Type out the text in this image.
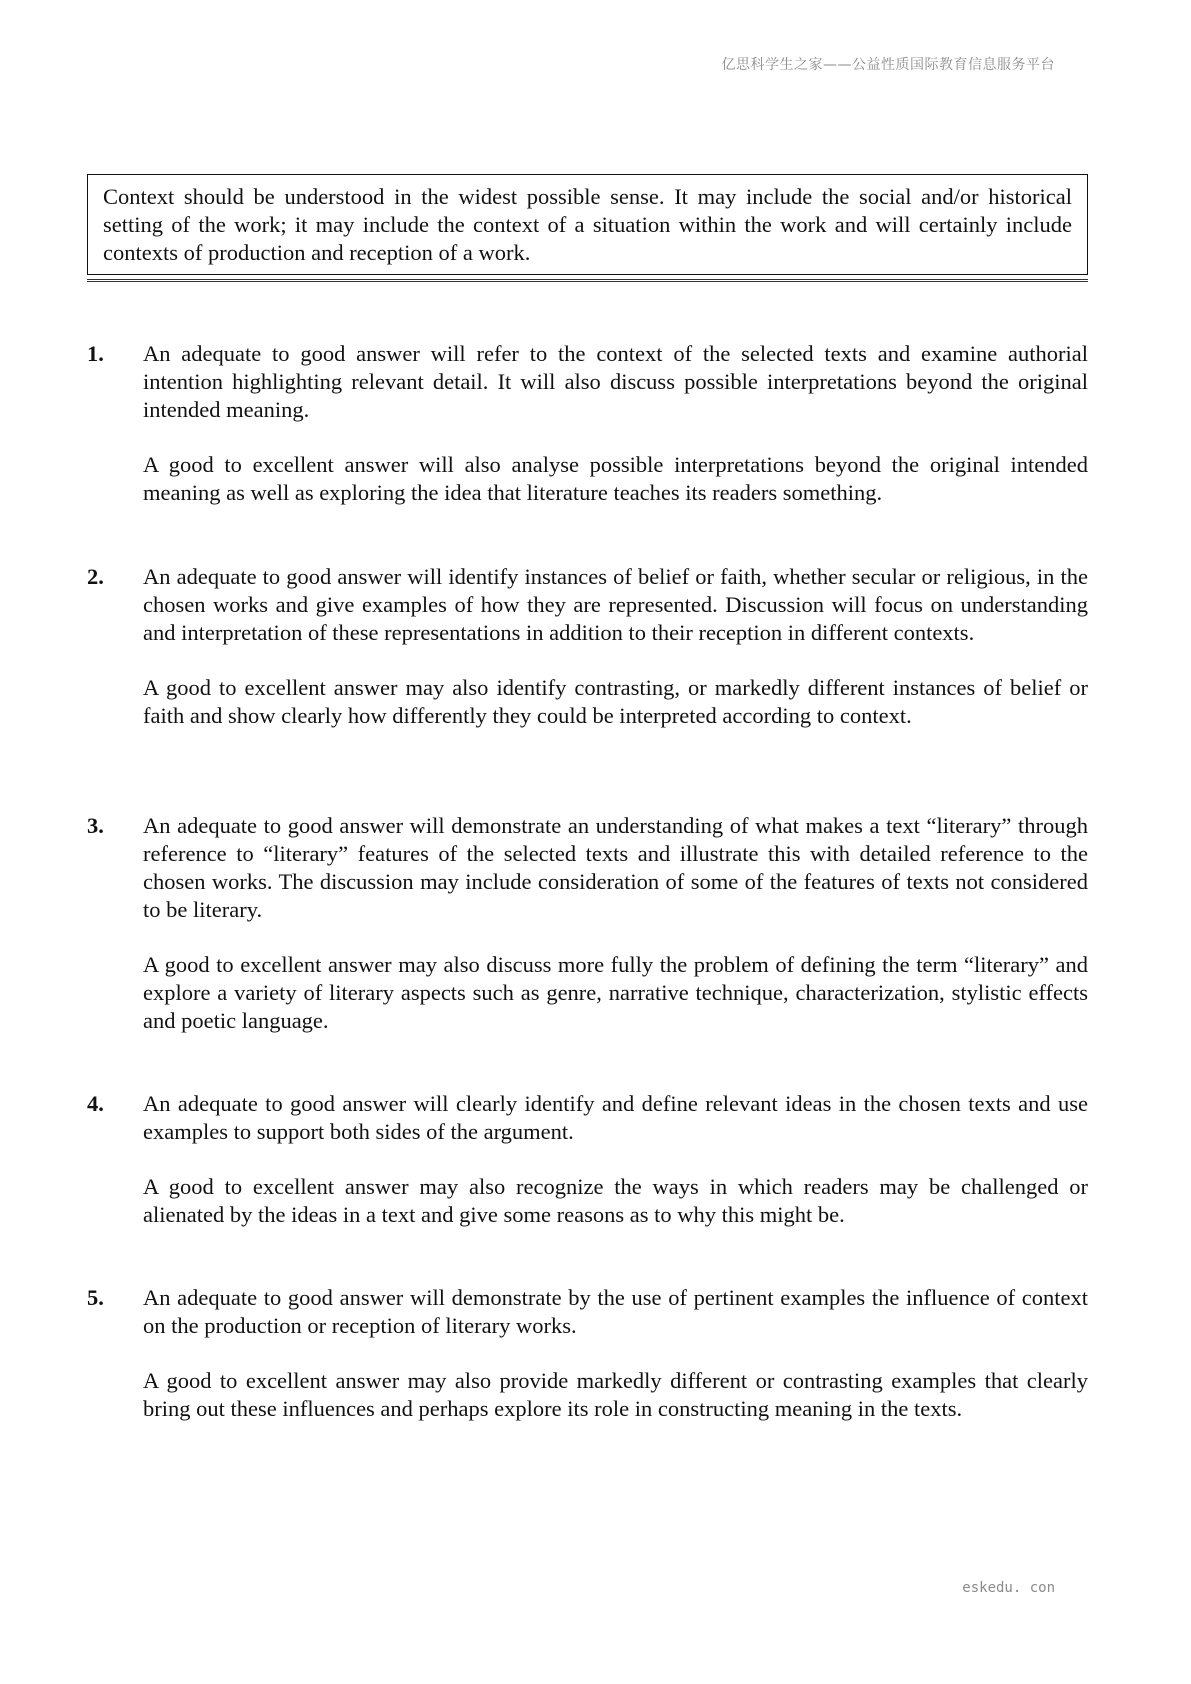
亿思科学生之家——公益性质国际教育信息服务平台
Context should be understood in the widest possible sense. It may include the social and/or historical setting of the work; it may include the context of a situation within the work and will certainly include contexts of production and reception of a work.
1. An adequate to good answer will refer to the context of the selected texts and examine authorial intention highlighting relevant detail. It will also discuss possible interpretations beyond the original intended meaning.

A good to excellent answer will also analyse possible interpretations beyond the original intended meaning as well as exploring the idea that literature teaches its readers something.

2. An adequate to good answer will identify instances of belief or faith, whether secular or religious, in the chosen works and give examples of how they are represented. Discussion will focus on understanding and interpretation of these representations in addition to their reception in different contexts.

A good to excellent answer may also identify contrasting, or markedly different instances of belief or faith and show clearly how differently they could be interpreted according to context.

3. An adequate to good answer will demonstrate an understanding of what makes a text “literary” through reference to “literary” features of the selected texts and illustrate this with detailed reference to the chosen works. The discussion may include consideration of some of the features of texts not considered to be literary.

A good to excellent answer may also discuss more fully the problem of defining the term “literary” and explore a variety of literary aspects such as genre, narrative technique, characterization, stylistic effects and poetic language.

4. An adequate to good answer will clearly identify and define relevant ideas in the chosen texts and use examples to support both sides of the argument.

A good to excellent answer may also recognize the ways in which readers may be challenged or alienated by the ideas in a text and give some reasons as to why this might be.

5. An adequate to good answer will demonstrate by the use of pertinent examples the influence of context on the production or reception of literary works.

A good to excellent answer may also provide markedly different or contrasting examples that clearly bring out these influences and perhaps explore its role in constructing meaning in the texts.

eskedu. con
